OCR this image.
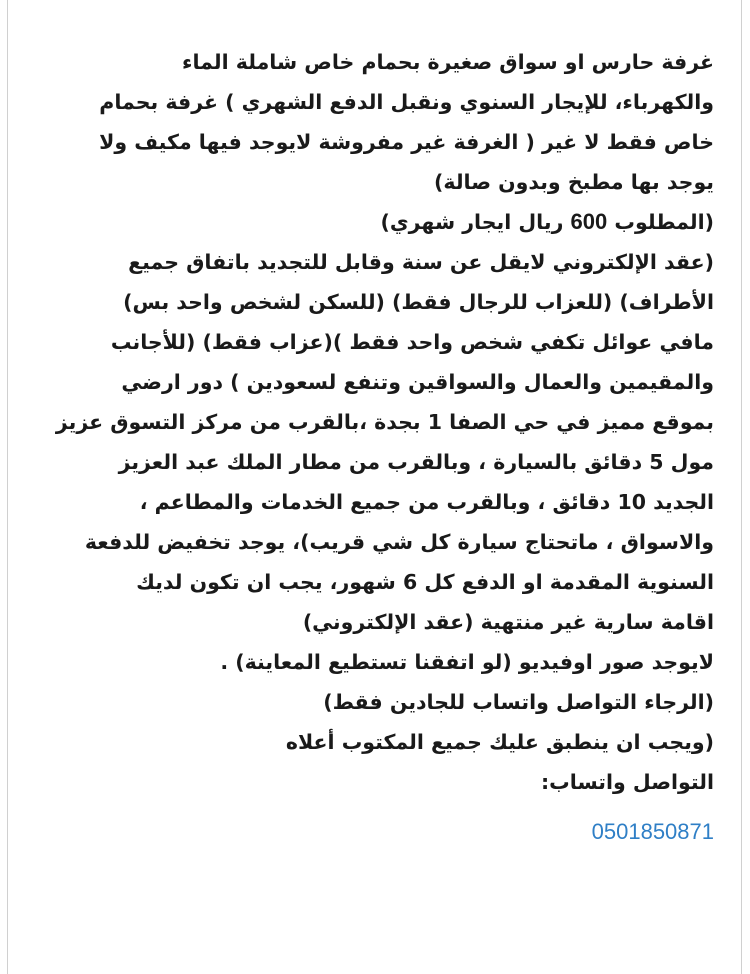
غرفة حارس او سواق صغيرة بحمام خاص شاملة الماء
والكهرباء، للإيجار السنوي ونقبل الدفع الشهري ) غرفة بحمام
خاص فقط لا غير ( الغرفة غير مفروشة لايوجد فيها مكيف ولا
يوجد بها مطبخ وبدون صالة)
(المطلوب 600 ريال ايجار شهري)
(عقد الإلكتروني لايقل عن سنة وقابل للتجديد باتفاق جميع
الأطراف) (للعزاب للرجال فقط) (للسكن لشخص واحد بس)
مافي عوائل تكفي شخص واحد فقط )(عزاب فقط) (للأجانب
والمقيمين والعمال والسواقين وتنفع لسعودين ) دور ارضي
بموقع مميز في حي الصفا 1 بجدة ،بالقرب من مركز التسوق عزيز
مول 5 دقائق بالسيارة ، وبالقرب من مطار الملك عبد العزيز
الجديد 10 دقائق ، وبالقرب من جميع الخدمات والمطاعم ،
والاسواق ، ماتحتاج سيارة كل شي قريب)، يوجد تخفيض للدفعة
السنوية المقدمة او الدفع كل 6 شهور، يجب ان تكون لديك
اقامة سارية غير منتهية (عقد الإلكتروني)
لايوجد صور اوفيديو (لو اتفقنا تستطيع المعاينة) .
(الرجاء التواصل واتساب للجادين فقط)
(ويجب ان ينطبق عليك جميع المكتوب أعلاه
التواصل واتساب:
0501850871
